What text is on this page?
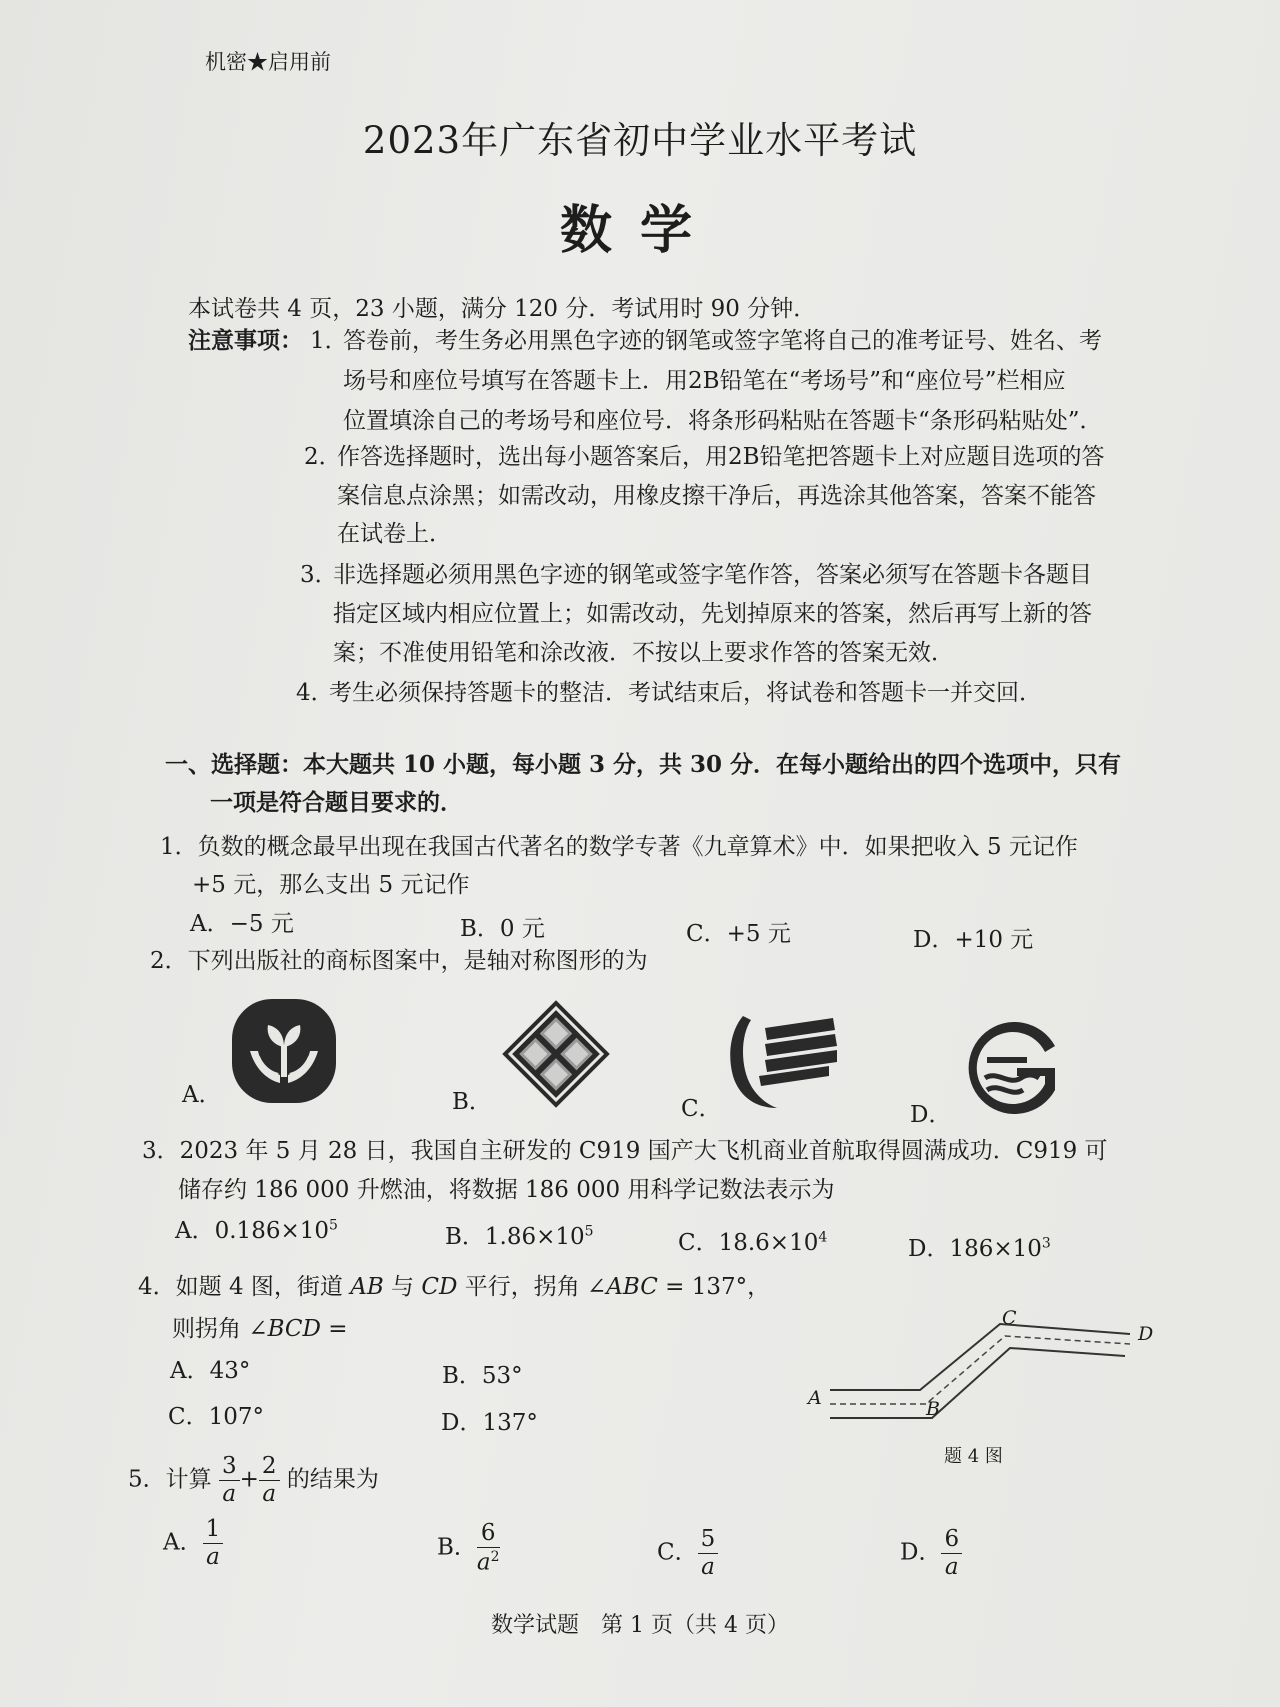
机密★启用前
2023年广东省初中学业水平考试
数学
本试卷共 4 页，23 小题，满分 120 分．考试用时 90 分钟．
注意事项： 1．
答卷前，考生务必用黑色字迹的钢笔或签字笔将自己的准考证号、姓名、考
场号和座位号填写在答题卡上．用2B铅笔在“考场号”和“座位号”栏相应
位置填涂自己的考场号和座位号．将条形码粘贴在答题卡“条形码粘贴处”．
2．
作答选择题时，选出每小题答案后，用2B铅笔把答题卡上对应题目选项的答
案信息点涂黑；如需改动，用橡皮擦干净后，再选涂其他答案，答案不能答
在试卷上．
3．
非选择题必须用黑色字迹的钢笔或签字笔作答，答案必须写在答题卡各题目
指定区域内相应位置上；如需改动，先划掉原来的答案，然后再写上新的答
案；不准使用铅笔和涂改液．不按以上要求作答的答案无效．
4．
考生必须保持答题卡的整洁．考试结束后，将试卷和答题卡一并交回．
一、选择题：本大题共 10 小题，每小题 3 分，共 30 分．在每小题给出的四个选项中，只有
一项是符合题目要求的．
1．负数的概念最早出现在我国古代著名的数学专著《九章算术》中．如果把收入 5 元记作
+5 元，那么支出 5 元记作
A．−5 元	B．0 元	C．+5 元	D．+10 元
2．下列出版社的商标图案中，是轴对称图形的为
A．	B．	C．	D．
3．2023 年 5 月 28 日，我国自主研发的 C919 国产大飞机商业首航取得圆满成功．C919 可
储存约 186 000 升燃油，将数据 186 000 用科学记数法表示为
A．$0.186\times 10^5$	B．$1.86\times 10^5$	C．$18.6\times 10^4$	D．$186\times 10^3$
4．如题 4 图，街道 AB 与 CD 平行，拐角 ∠ABC = 137°，
则拐角 ∠BCD =
A．43°	B．53°
C．107°	D．137°
A	B
C
D
题 4 图
5．计算 $\frac{3}{a} + \frac{2}{a}$ 的结果为
A． $\frac{1}{a}$	B． $\frac{6}{a^2}$	C． $\frac{5}{a}$	D． $\frac{6}{a}$
数学试题　第 1 页（共 4 页）
